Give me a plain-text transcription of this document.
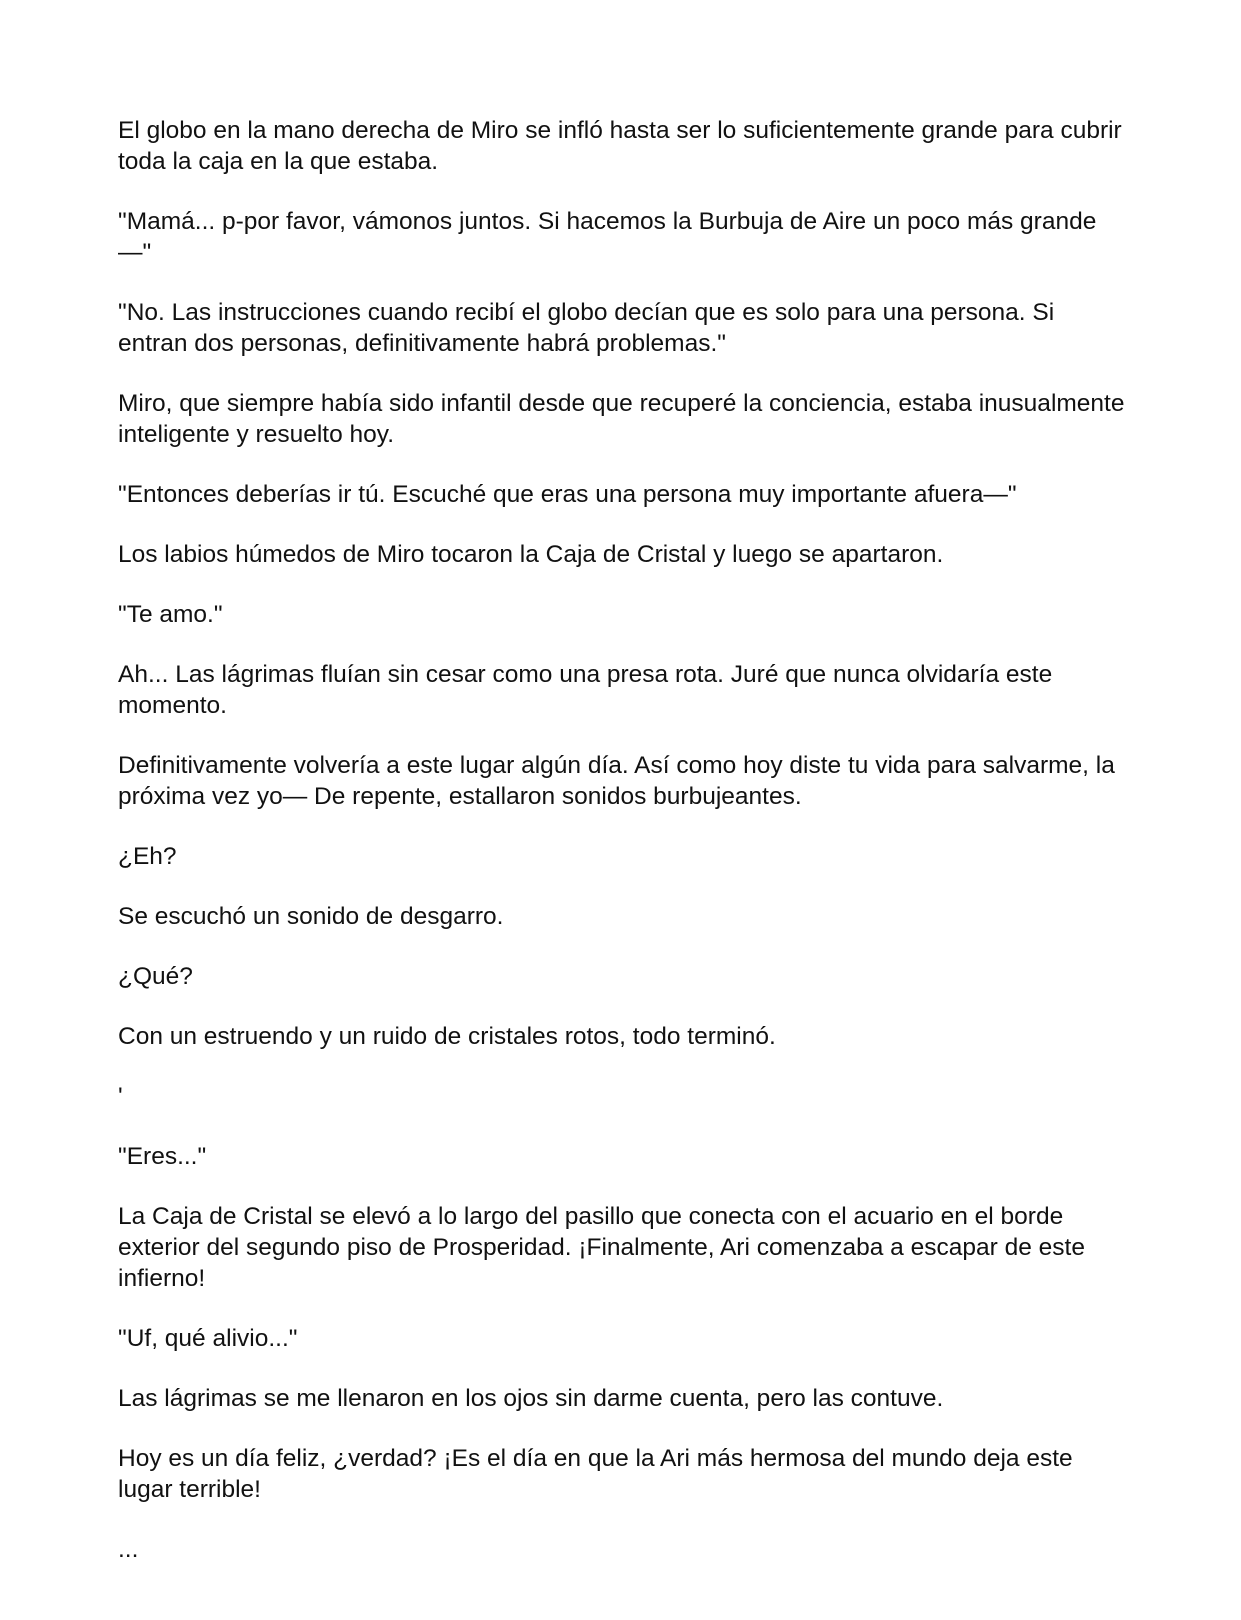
El globo en la mano derecha de Miro se infló hasta ser lo suficientemente grande para cubrir toda la caja en la que estaba.

"Mamá... p-por favor, vámonos juntos. Si hacemos la Burbuja de Aire un poco más grande—"

"No. Las instrucciones cuando recibí el globo decían que es solo para una persona. Si entran dos personas, definitivamente habrá problemas."

Miro, que siempre había sido infantil desde que recuperé la conciencia, estaba inusualmente inteligente y resuelto hoy.

"Entonces deberías ir tú. Escuché que eras una persona muy importante afuera—"

Los labios húmedos de Miro tocaron la Caja de Cristal y luego se apartaron.

"Te amo."

Ah... Las lágrimas fluían sin cesar como una presa rota. Juré que nunca olvidaría este momento.

Definitivamente volvería a este lugar algún día. Así como hoy diste tu vida para salvarme, la próxima vez yo— De repente, estallaron sonidos burbujeantes.

¿Eh?

Se escuchó un sonido de desgarro.

¿Qué?

Con un estruendo y un ruido de cristales rotos, todo terminó.

'

"Eres..."

La Caja de Cristal se elevó a lo largo del pasillo que conecta con el acuario en el borde exterior del segundo piso de Prosperidad. ¡Finalmente, Ari comenzaba a escapar de este infierno!

"Uf, qué alivio..."

Las lágrimas se me llenaron en los ojos sin darme cuenta, pero las contuve.

Hoy es un día feliz, ¿verdad? ¡Es el día en que la Ari más hermosa del mundo deja este lugar terrible!

...
